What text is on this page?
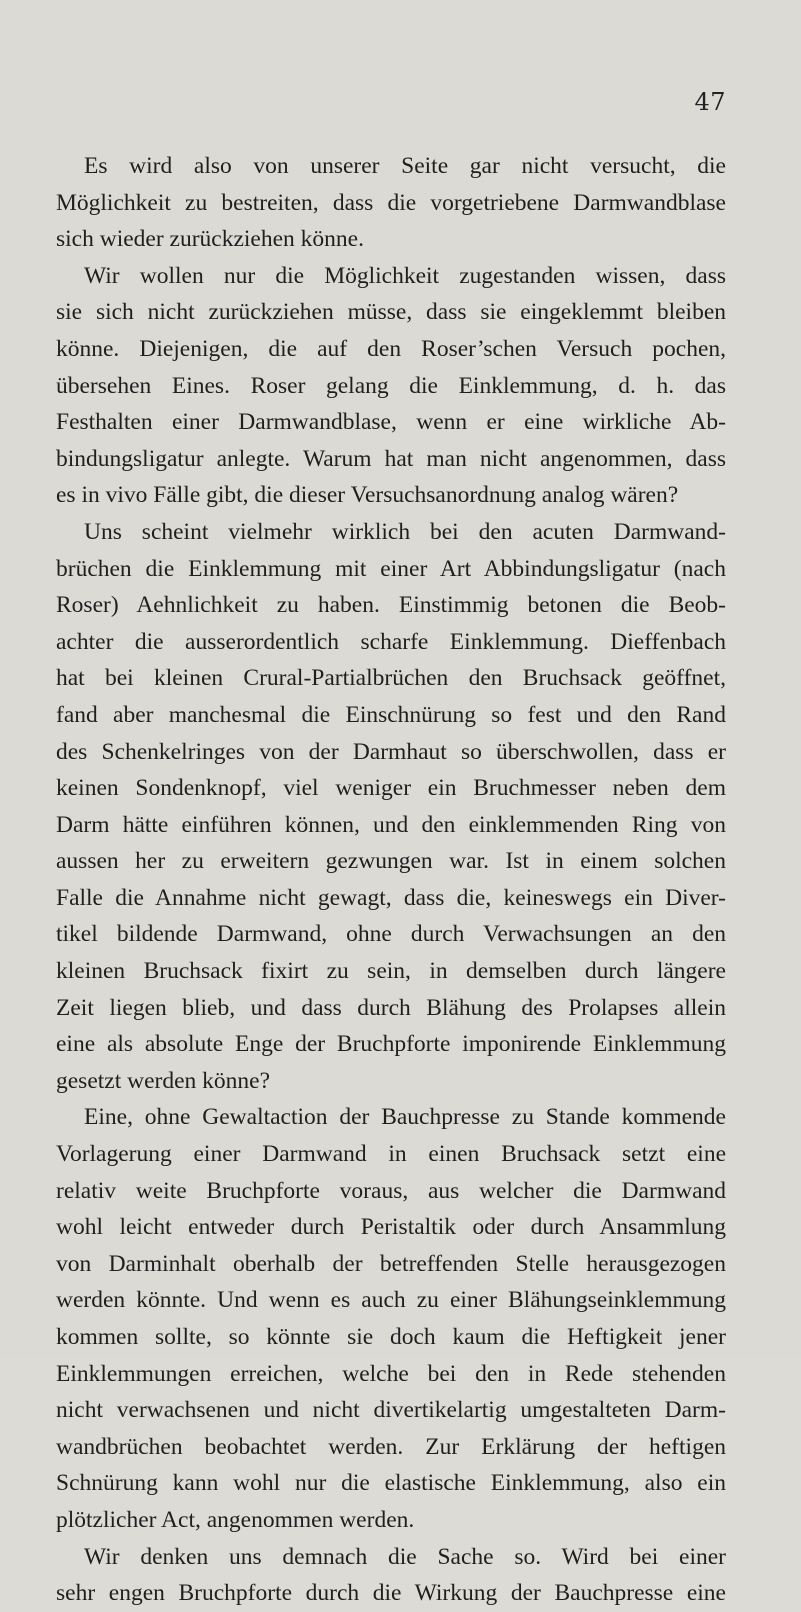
47
Es wird also von unserer Seite gar nicht versucht, die
Möglichkeit zu bestreiten, dass die vorgetriebene Darmwandblase
sich wieder zurückziehen könne.
Wir wollen nur die Möglichkeit zugestanden wissen, dass
sie sich nicht zurückziehen müsse, dass sie eingeklemmt bleiben
könne. Diejenigen, die auf den Roser’schen Versuch pochen,
übersehen Eines. Roser gelang die Einklemmung, d. h. das
Festhalten einer Darmwandblase, wenn er eine wirkliche Ab-
bindungsligatur anlegte. Warum hat man nicht angenommen, dass
es in vivo Fälle gibt, die dieser Versuchsanordnung analog wären?
Uns scheint vielmehr wirklich bei den acuten Darmwand-
brüchen die Einklemmung mit einer Art Abbindungsligatur (nach
Roser) Aehnlichkeit zu haben. Einstimmig betonen die Beob-
achter die ausserordentlich scharfe Einklemmung. Dieffenbach
hat bei kleinen Crural-Partialbrüchen den Bruchsack geöffnet,
fand aber manchesmal die Einschnürung so fest und den Rand
des Schenkelringes von der Darmhaut so überschwollen, dass er
keinen Sondenknopf, viel weniger ein Bruchmesser neben dem
Darm hätte einführen können, und den einklemmenden Ring von
aussen her zu erweitern gezwungen war. Ist in einem solchen
Falle die Annahme nicht gewagt, dass die, keineswegs ein Diver-
tikel bildende Darmwand, ohne durch Verwachsungen an den
kleinen Bruchsack fixirt zu sein, in demselben durch längere
Zeit liegen blieb, und dass durch Blähung des Prolapses allein
eine als absolute Enge der Bruchpforte imponirende Einklemmung
gesetzt werden könne?
Eine, ohne Gewaltaction der Bauchpresse zu Stande kommende
Vorlagerung einer Darmwand in einen Bruchsack setzt eine
relativ weite Bruchpforte voraus, aus welcher die Darmwand
wohl leicht entweder durch Peristaltik oder durch Ansammlung
von Darminhalt oberhalb der betreffenden Stelle herausgezogen
werden könnte. Und wenn es auch zu einer Blähungseinklemmung
kommen sollte, so könnte sie doch kaum die Heftigkeit jener
Einklemmungen erreichen, welche bei den in Rede stehenden
nicht verwachsenen und nicht divertikelartig umgestalteten Darm-
wandbrüchen beobachtet werden. Zur Erklärung der heftigen
Schnürung kann wohl nur die elastische Einklemmung, also ein
plötzlicher Act, angenommen werden.
Wir denken uns demnach die Sache so. Wird bei einer
sehr engen Bruchpforte durch die Wirkung der Bauchpresse eine
